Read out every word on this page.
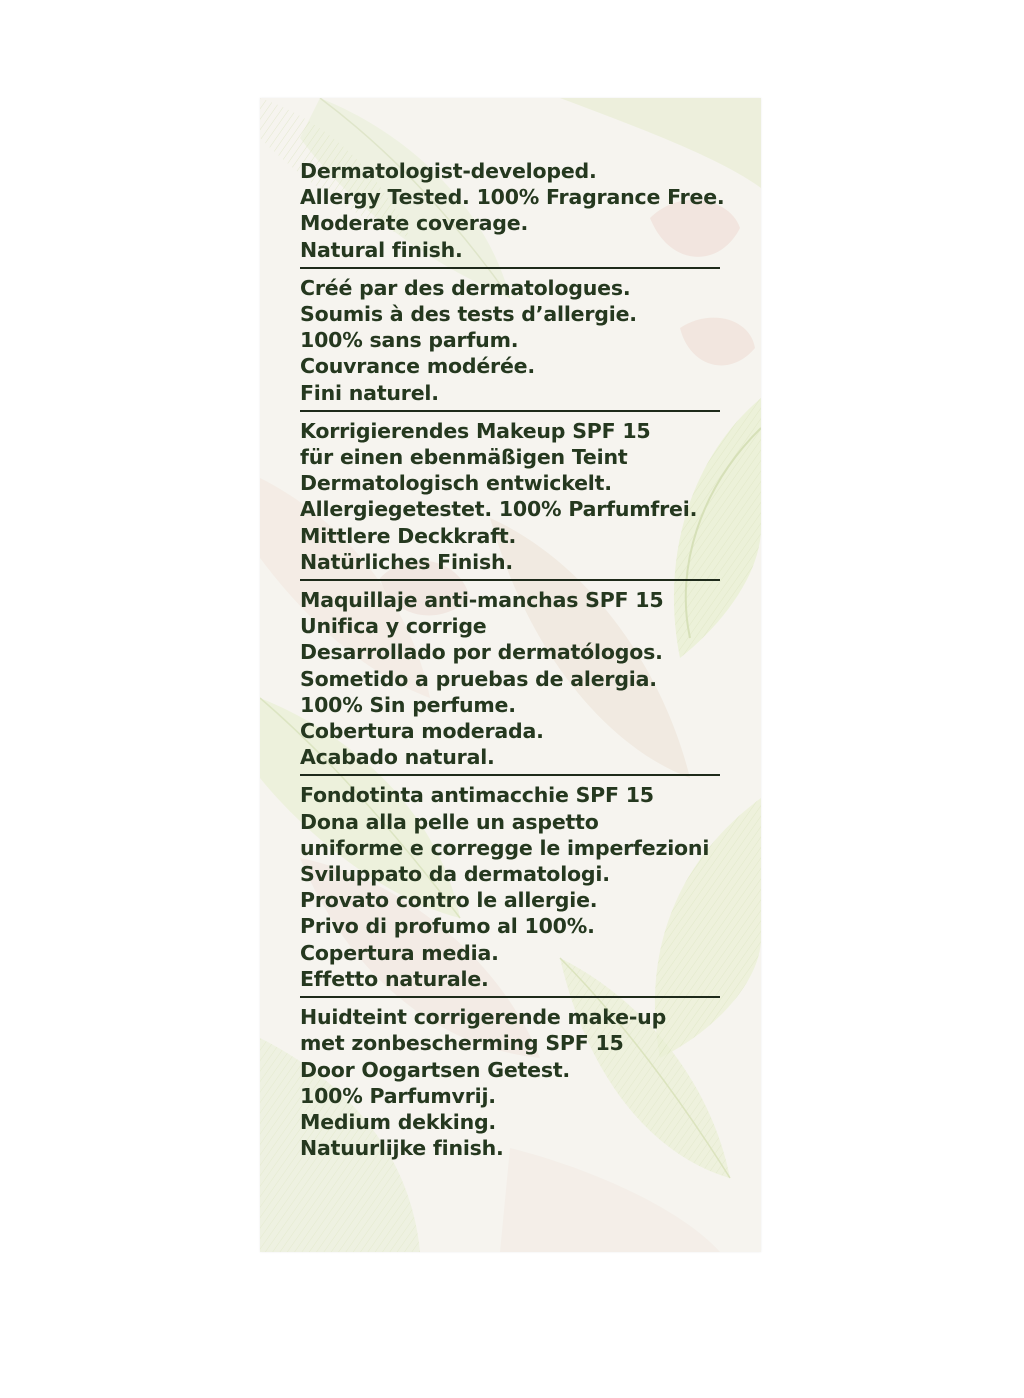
Dermatologist-developed.
Allergy Tested. 100% Fragrance Free.
Moderate coverage.
Natural finish.
Créé par des dermatologues.
Soumis à des tests d’allergie.
100% sans parfum.
Couvrance modérée.
Fini naturel.
Korrigierendes Makeup SPF 15
für einen ebenmäßigen Teint
Dermatologisch entwickelt.
Allergiegetestet. 100% Parfumfrei.
Mittlere Deckkraft.
Natürliches Finish.
Maquillaje anti-manchas SPF 15
Unifica y corrige
Desarrollado por dermatólogos.
Sometido a pruebas de alergia.
100% Sin perfume.
Cobertura moderada.
Acabado natural.
Fondotinta antimacchie SPF 15
Dona alla pelle un aspetto
uniforme e corregge le imperfezioni
Sviluppato da dermatologi.
Provato contro le allergie.
Privo di profumo al 100%.
Copertura media.
Effetto naturale.
Huidteint corrigerende make-up
met zonbescherming SPF 15
Door Oogartsen Getest.
100% Parfumvrij.
Medium dekking.
Natuurlijke finish.
